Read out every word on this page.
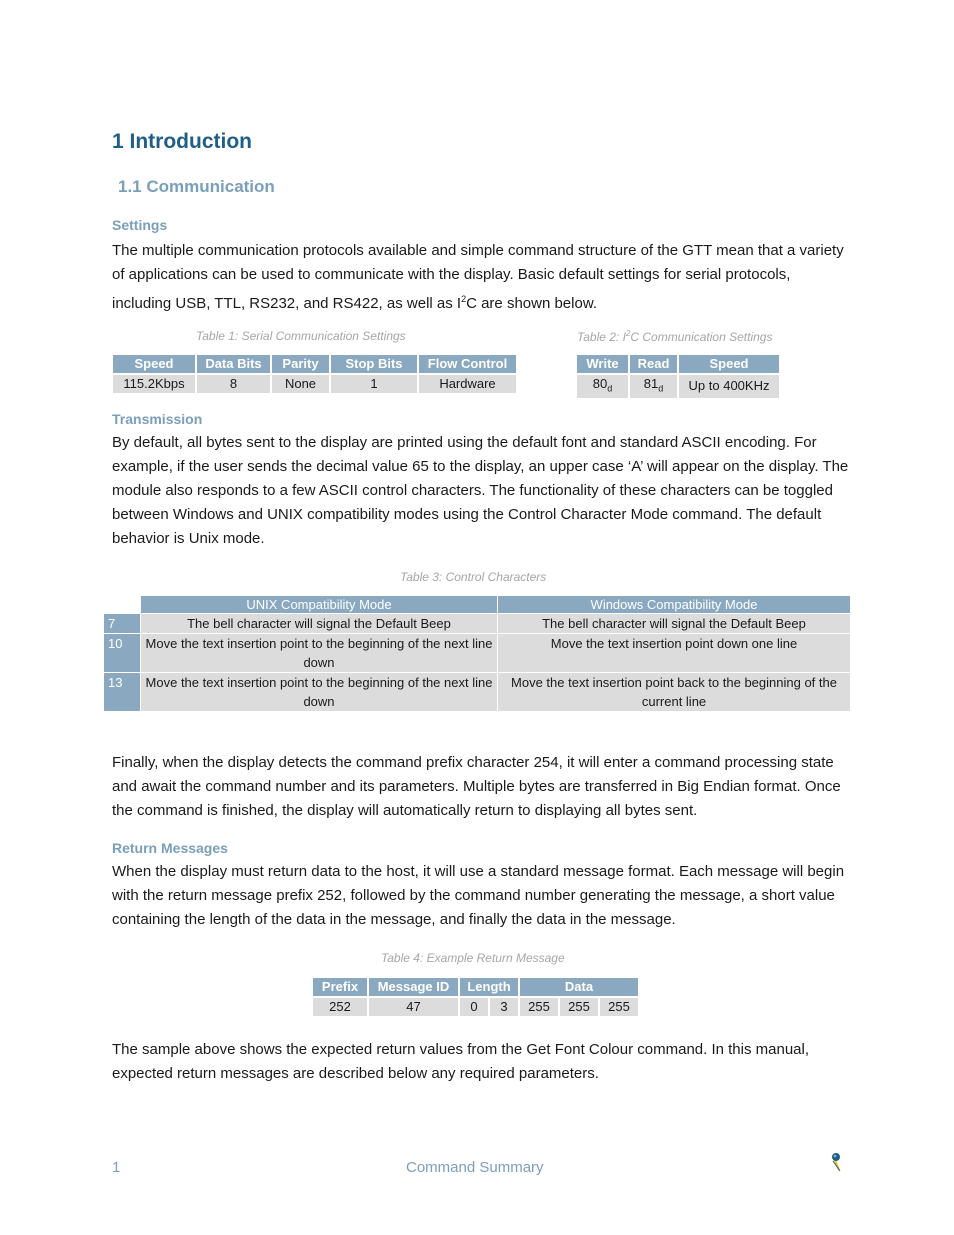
1 Introduction
1.1 Communication
Settings
The multiple communication protocols available and simple command structure of the GTT mean that a variety of applications can be used to communicate with the display. Basic default settings for serial protocols, including USB, TTL, RS232, and RS422, as well as $I^2C$ are shown below.
Table 1: Serial Communication Settings
Speed	Data Bits	Parity	Stop Bits	Flow Control
115.2Kbps	8	None	1	Hardware
Table 2: $I^2C$ Communication Settings
Write	Read	Speed
$80_d$	$81_d$	Up to 400KHz
Transmission
By default, all bytes sent to the display are printed using the default font and standard ASCII encoding. For example, if the user sends the decimal value 65 to the display, an upper case ‘A’ will appear on the display. The module also responds to a few ASCII control characters. The functionality of these characters can be toggled between Windows and UNIX compatibility modes using the Control Character Mode command. The default behavior is Unix mode.
Table 3: Control Characters
	UNIX Compatibility Mode	Windows Compatibility Mode
7	The bell character will signal the Default Beep	The bell character will signal the Default Beep
10	Move the text insertion point to the beginning of the next line down	Move the text insertion point down one line
13	Move the text insertion point to the beginning of the next line down	Move the text insertion point back to the beginning of the current line
Finally, when the display detects the command prefix character 254, it will enter a command processing state and await the command number and its parameters. Multiple bytes are transferred in Big Endian format. Once the command is finished, the display will automatically return to displaying all bytes sent.
Return Messages
When the display must return data to the host, it will use a standard message format. Each message will begin with the return message prefix 252, followed by the command number generating the message, a short value containing the length of the data in the message, and finally the data in the message.
Table 4: Example Return Message
Prefix	Message ID	Length		Data		
252	47	0	3	255	255	255
The sample above shows the expected return values from the Get Font Colour command. In this manual, expected return messages are described below any required parameters.
1	Command Summary
